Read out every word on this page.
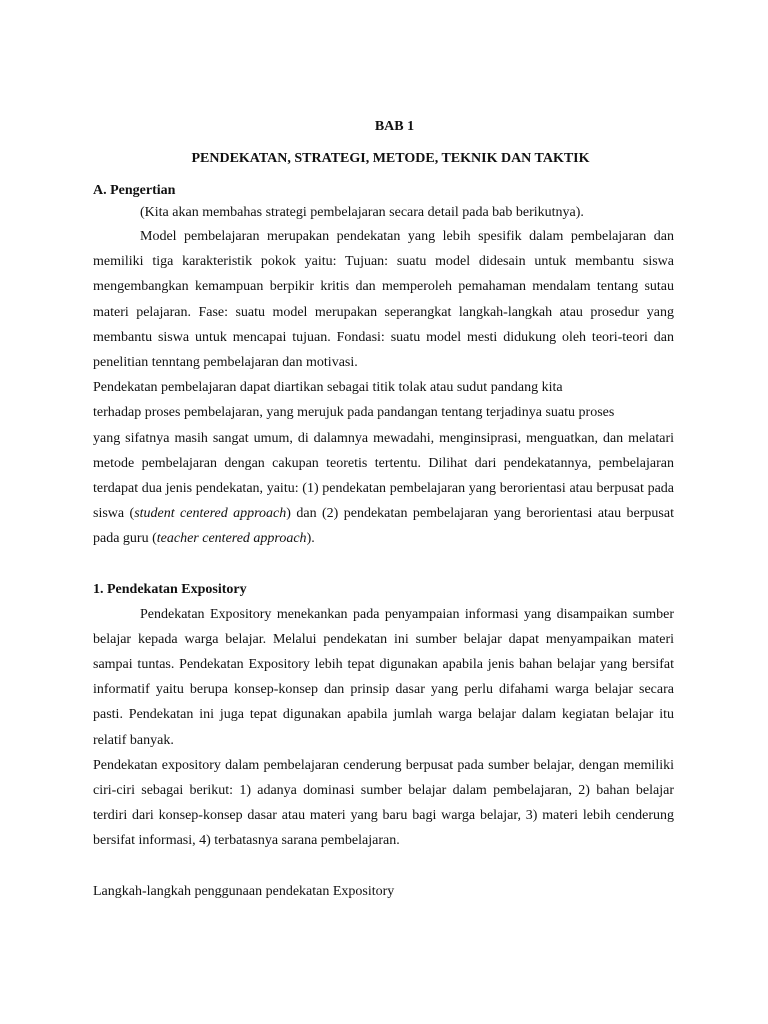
BAB 1

PENDEKATAN, STRATEGI, METODE, TEKNIK DAN TAKTIK

A. Pengertian

(Kita akan membahas strategi pembelajaran secara detail pada bab berikutnya).

Model pembelajaran merupakan pendekatan yang lebih spesifik dalam pembelajaran dan memiliki tiga karakteristik pokok yaitu: Tujuan: suatu model didesain untuk membantu siswa mengembangkan kemampuan berpikir kritis dan memperoleh pemahaman mendalam tentang sutau materi pelajaran. Fase: suatu model merupakan seperangkat langkah-langkah atau prosedur yang membantu siswa untuk mencapai tujuan. Fondasi: suatu model mesti didukung oleh teori-teori dan penelitian tenntang pembelajaran dan motivasi.

Pendekatan pembelajaran dapat diartikan sebagai titik tolak atau sudut pandang kita

terhadap proses pembelajaran, yang merujuk pada pandangan tentang terjadinya suatu proses

yang sifatnya masih sangat umum, di dalamnya mewadahi, menginsiprasi, menguatkan, dan melatari metode pembelajaran dengan cakupan teoretis tertentu. Dilihat dari pendekatannya, pembelajaran terdapat dua jenis pendekatan, yaitu: (1) pendekatan pembelajaran yang berorientasi atau berpusat pada siswa (student centered approach) dan (2) pendekatan pembelajaran yang berorientasi atau berpusat pada guru (teacher centered approach).

1. Pendekatan Expository

Pendekatan Expository menekankan pada penyampaian informasi yang disampaikan sumber belajar kepada warga belajar. Melalui pendekatan ini sumber belajar dapat menyampaikan materi sampai tuntas. Pendekatan Expository lebih tepat digunakan apabila jenis bahan belajar yang bersifat informatif yaitu berupa konsep-konsep dan prinsip dasar yang perlu difahami warga belajar secara pasti. Pendekatan ini juga tepat digunakan apabila jumlah warga belajar dalam kegiatan belajar itu relatif banyak.

Pendekatan expository dalam pembelajaran cenderung berpusat pada sumber belajar, dengan memiliki ciri-ciri sebagai berikut: 1) adanya dominasi sumber belajar dalam pembelajaran, 2) bahan belajar terdiri dari konsep-konsep dasar atau materi yang baru bagi warga belajar, 3) materi lebih cenderung bersifat informasi, 4) terbatasnya sarana pembelajaran.

Langkah-langkah penggunaan pendekatan Expository
